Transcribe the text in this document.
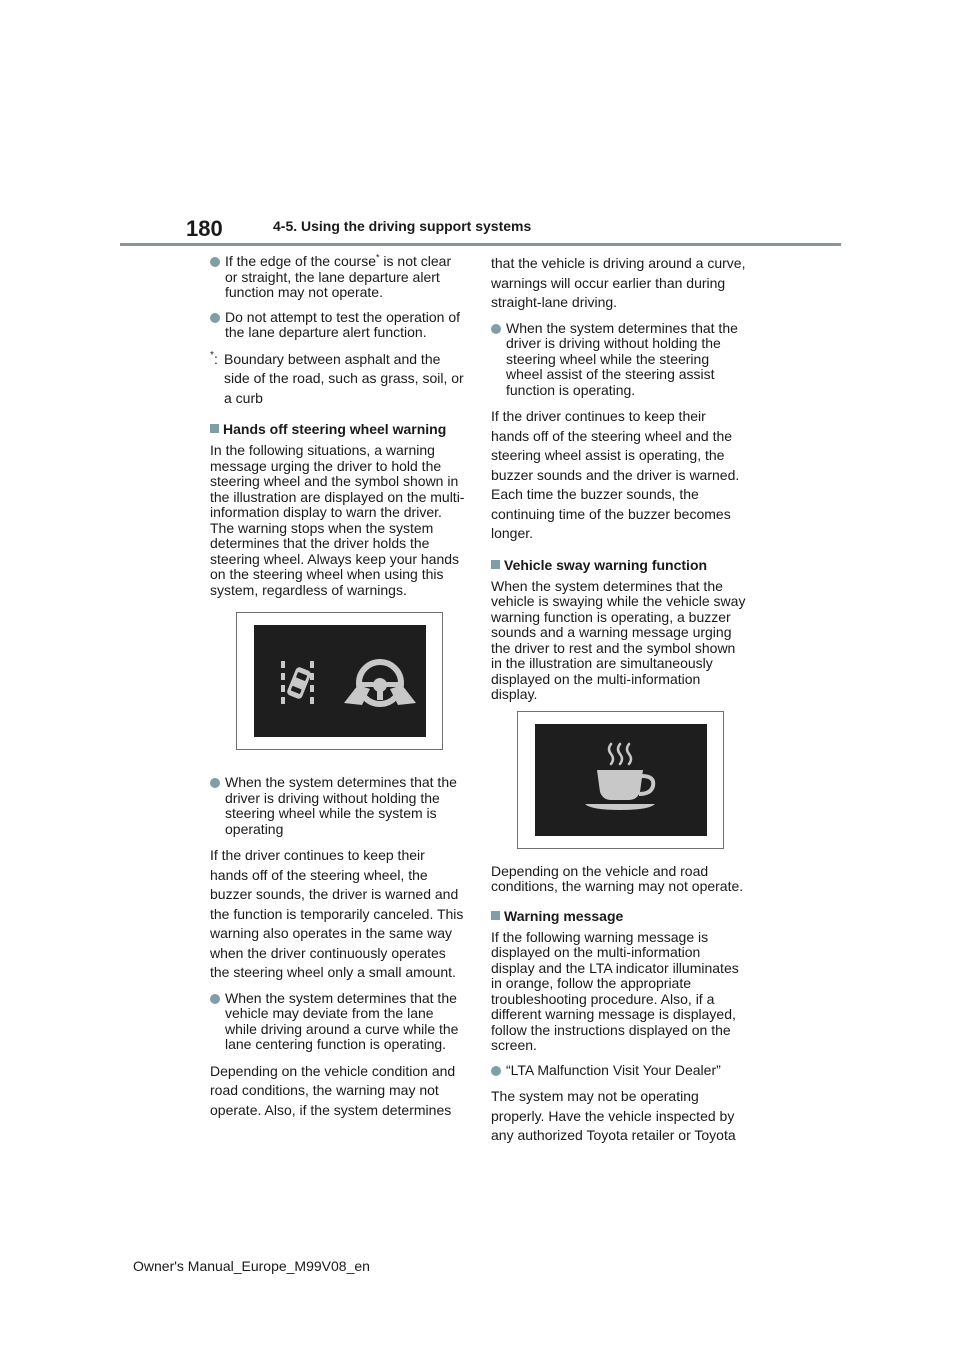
180	4-5. Using the driving support systems
If the edge of the course* is not clear or straight, the lane departure alert function may not operate.
Do not attempt to test the operation of the lane departure alert function.
* : Boundary between asphalt and the side of the road, such as grass, soil, or a curb
Hands off steering wheel warning

In the following situations, a warning message urging the driver to hold the steering wheel and the symbol shown in the illustration are displayed on the multi-information display to warn the driver. The warning stops when the system determines that the driver holds the steering wheel. Always keep your hands on the steering wheel when using this system, regardless of warnings.

When the system determines that the driver is driving without holding the steering wheel while the system is operating

If the driver continues to keep their hands off of the steering wheel, the buzzer sounds, the driver is warned and the function is temporarily canceled. This warning also operates in the same way when the driver continuously operates the steering wheel only a small amount.

When the system determines that the vehicle may deviate from the lane while driving around a curve while the lane centering function is operating.

Depending on the vehicle condition and road conditions, the warning may not operate. Also, if the system determines

that the vehicle is driving around a curve, warnings will occur earlier than during straight-lane driving.

When the system determines that the driver is driving without holding the steering wheel while the steering wheel assist of the steering assist function is operating.

If the driver continues to keep their hands off of the steering wheel and the steering wheel assist is operating, the buzzer sounds and the driver is warned. Each time the buzzer sounds, the continuing time of the buzzer becomes longer.

Vehicle sway warning function

When the system determines that the vehicle is swaying while the vehicle sway warning function is operating, a buzzer sounds and a warning message urging the driver to rest and the symbol shown in the illustration are simultaneously displayed on the multi-information display.

Depending on the vehicle and road conditions, the warning may not operate.

Warning message

If the following warning message is displayed on the multi-information display and the LTA indicator illuminates in orange, follow the appropriate troubleshooting procedure. Also, if a different warning message is displayed, follow the instructions displayed on the screen.

“LTA Malfunction Visit Your Dealer”

The system may not be operating properly. Have the vehicle inspected by any authorized Toyota retailer or Toyota

Owner's Manual_Europe_M99V08_en
